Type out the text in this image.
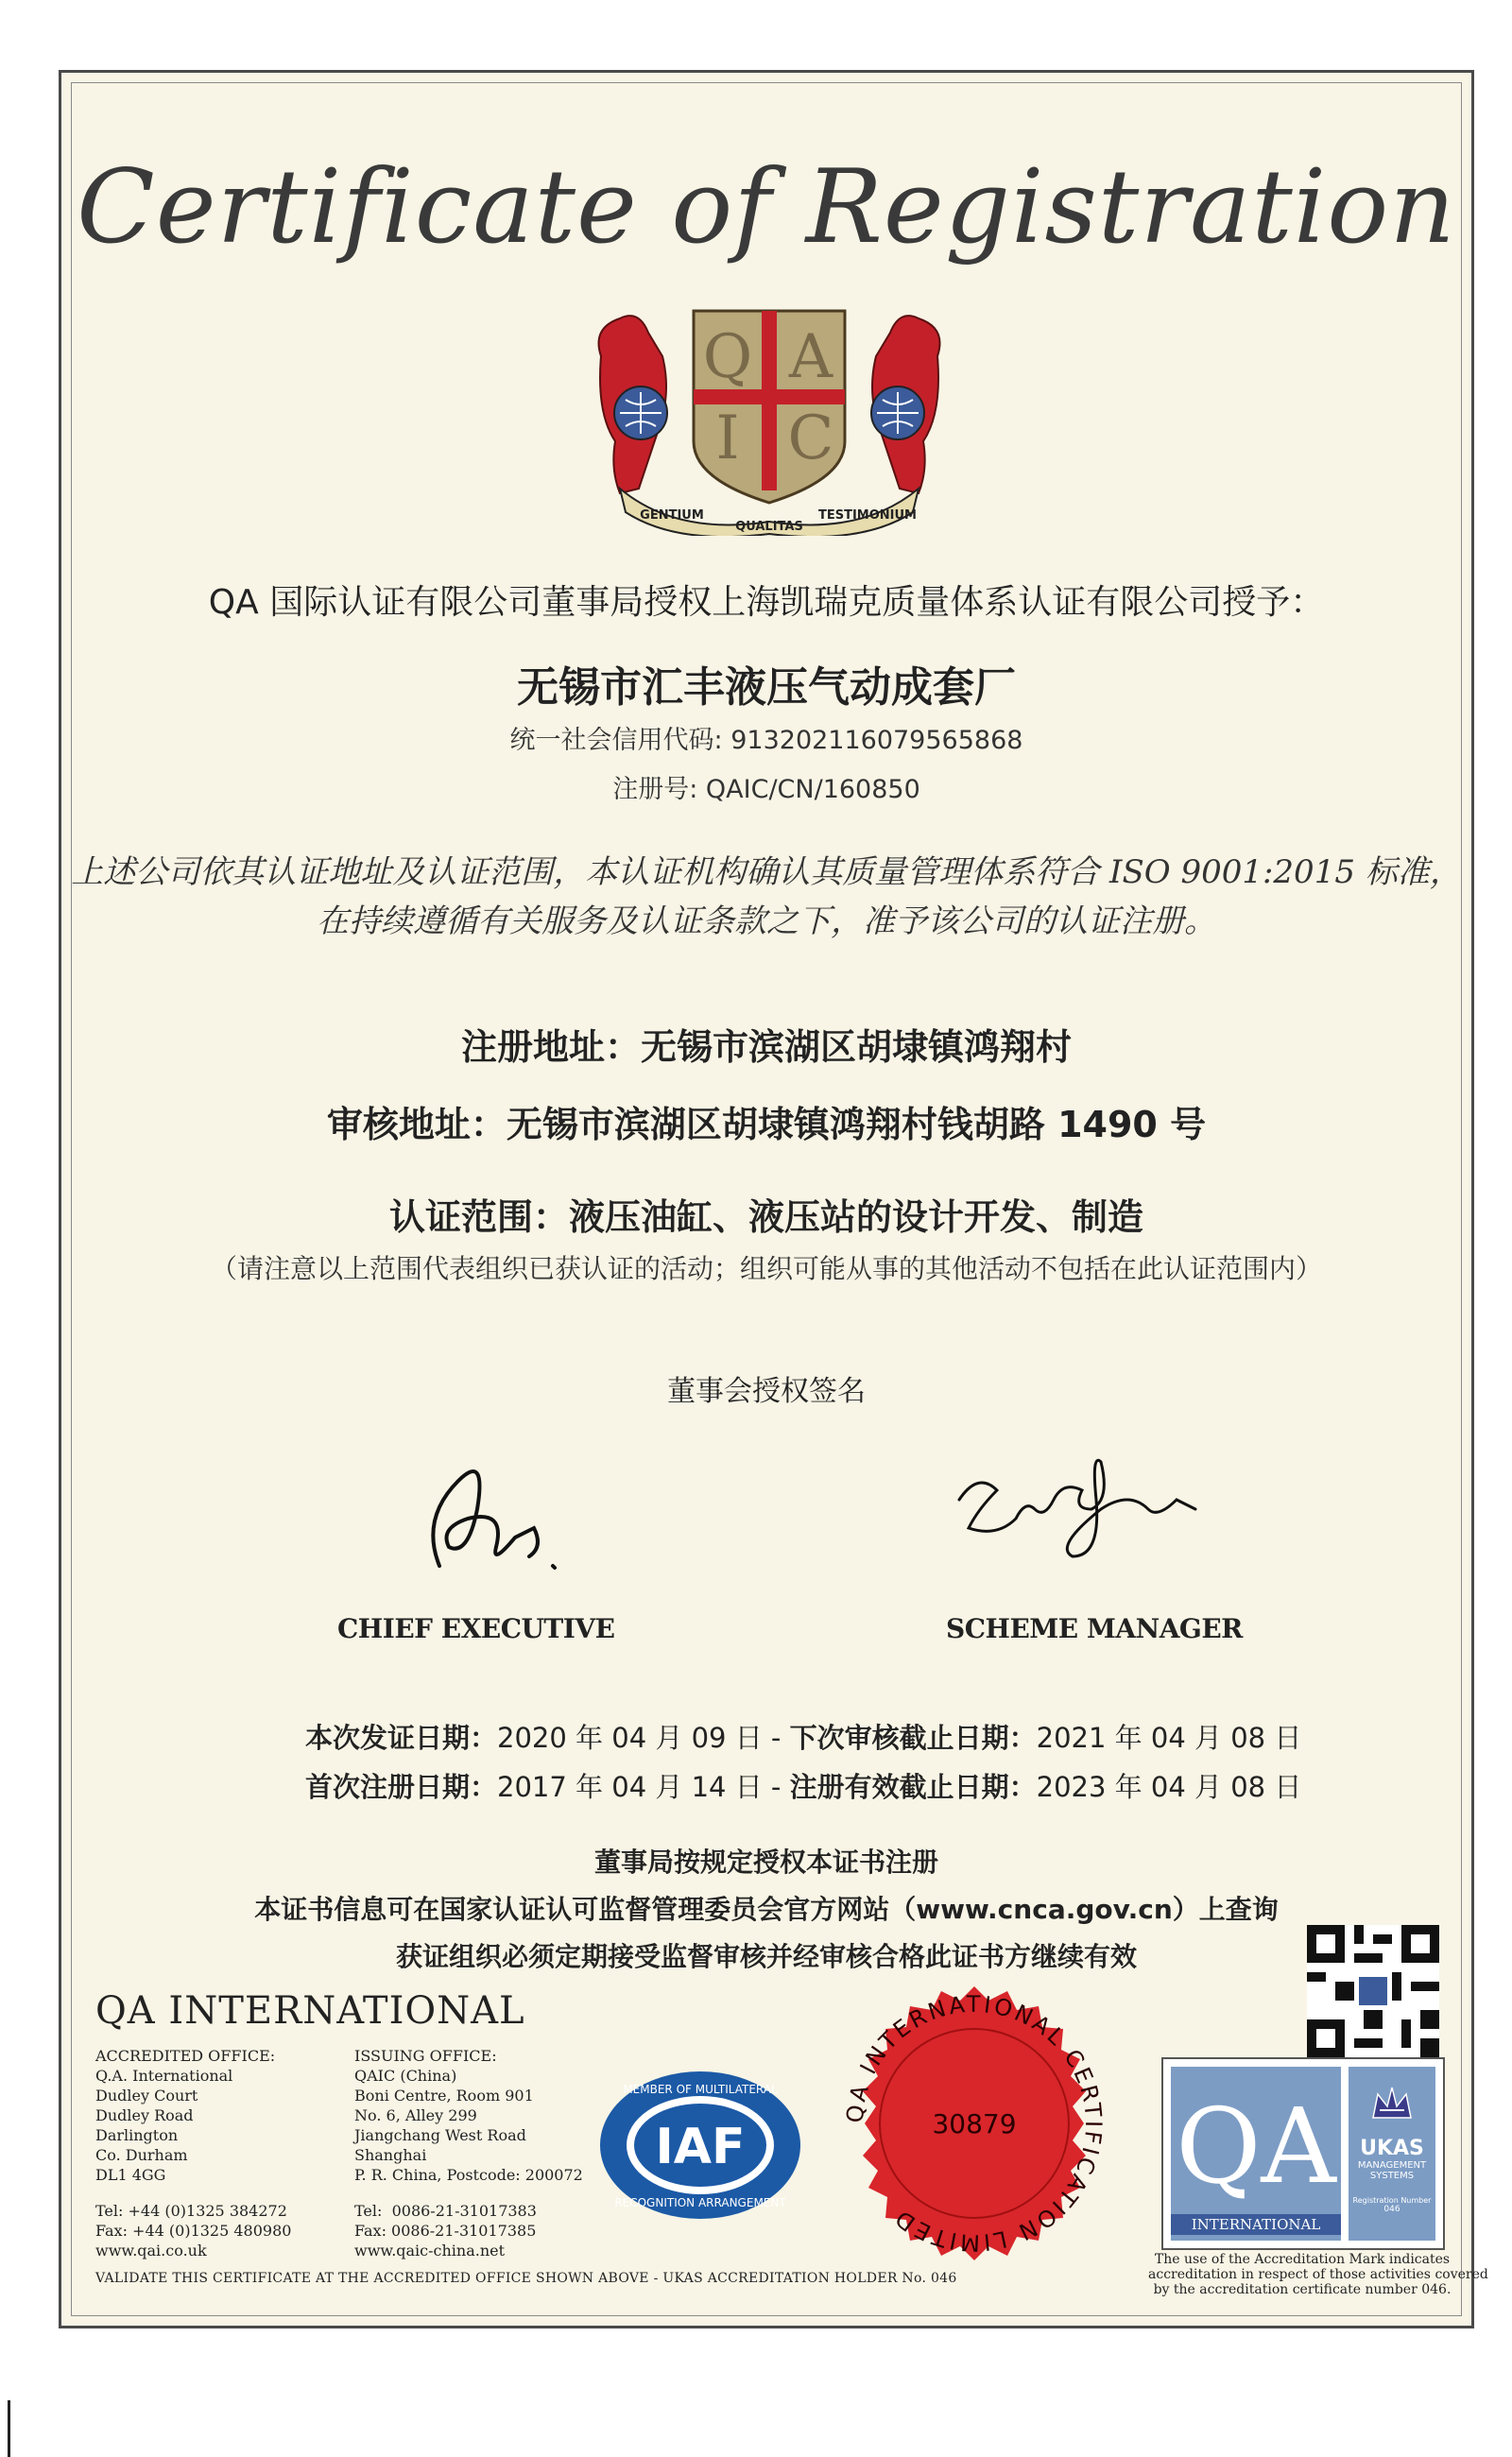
Certificate of Registration
Q A
I C
GENTIUM
QUALITAS
TESTIMONIUM
QA 国际认证有限公司董事局授权上海凯瑞克质量体系认证有限公司授予：
无锡市汇丰液压气动成套厂
统一社会信用代码: 91320211607956586​8
注册号: QAIC/CN/160850
上述公司依其认证地址及认证范围，本认证机构确认其质量管理体系符合 ISO 9001:2015 标准，
在持续遵循有关服务及认证条款之下，准予该公司的认证注册。
注册地址：无锡市滨湖区胡埭镇鸿翔村
审核地址：无锡市滨湖区胡埭镇鸿翔村钱胡路 1490 号
认证范围：液压油缸、液压站的设计开发、制造
（请注意以上范围代表组织已获认证的活动；组织可能从事的其他活动不包括在此认证范围内）
董事会授权签名
CHIEF EXECUTIVE	SCHEME MANAGER
本次发证日期：2020 年 04 月 09 日 - 下次审核截止日期：2021 年 04 月 08 日
首次注册日期：2017 年 04 月 14 日 - 注册有效截止日期：2023 年 04 月 08 日
董事局按规定授权本证书注册
本证书信息可在国家认证认可监督管理委员会官方网站（www.cnca.gov.cn）上查询
获证组织必须定期接受监督审核并经审核合格此证书方继续有效
QA INTERNATIONAL
ACCREDITED OFFICE:
Q.A. International
Dudley Court
Dudley Road
Darlington
Co. Durham
DL1 4GG
Tel: +44 (0)1325 384272
Fax: +44 (0)1325 480980
www.qai.co.uk
ISSUING OFFICE:
QAIC (China)
Boni Centre, Room 901
No. 6, Alley 299
Jiangchang West Road
Shanghai
P. R. China, Postcode: 200072
Tel:  0086-21-31017383
Fax: 0086-21-31017385
www.qaic-china.net
VALIDATE THIS CERTIFICATE AT THE ACCREDITED OFFICE SHOWN ABOVE - UKAS ACCREDITATION HOLDER No. 046
IAF
MEMBER OF MULTILATERAL
RECOGNITION ARRANGEMENT
QA INTERNATIONAL CERTIFICATION LIMITED
30879 QA
INTERNATIONAL
UKAS
MANAGEMENT
SYSTEMS
Registration Number
046
The use of the Accreditation Mark indicates
accreditation in respect of those activities covered
by the accreditation certificate number 046.
